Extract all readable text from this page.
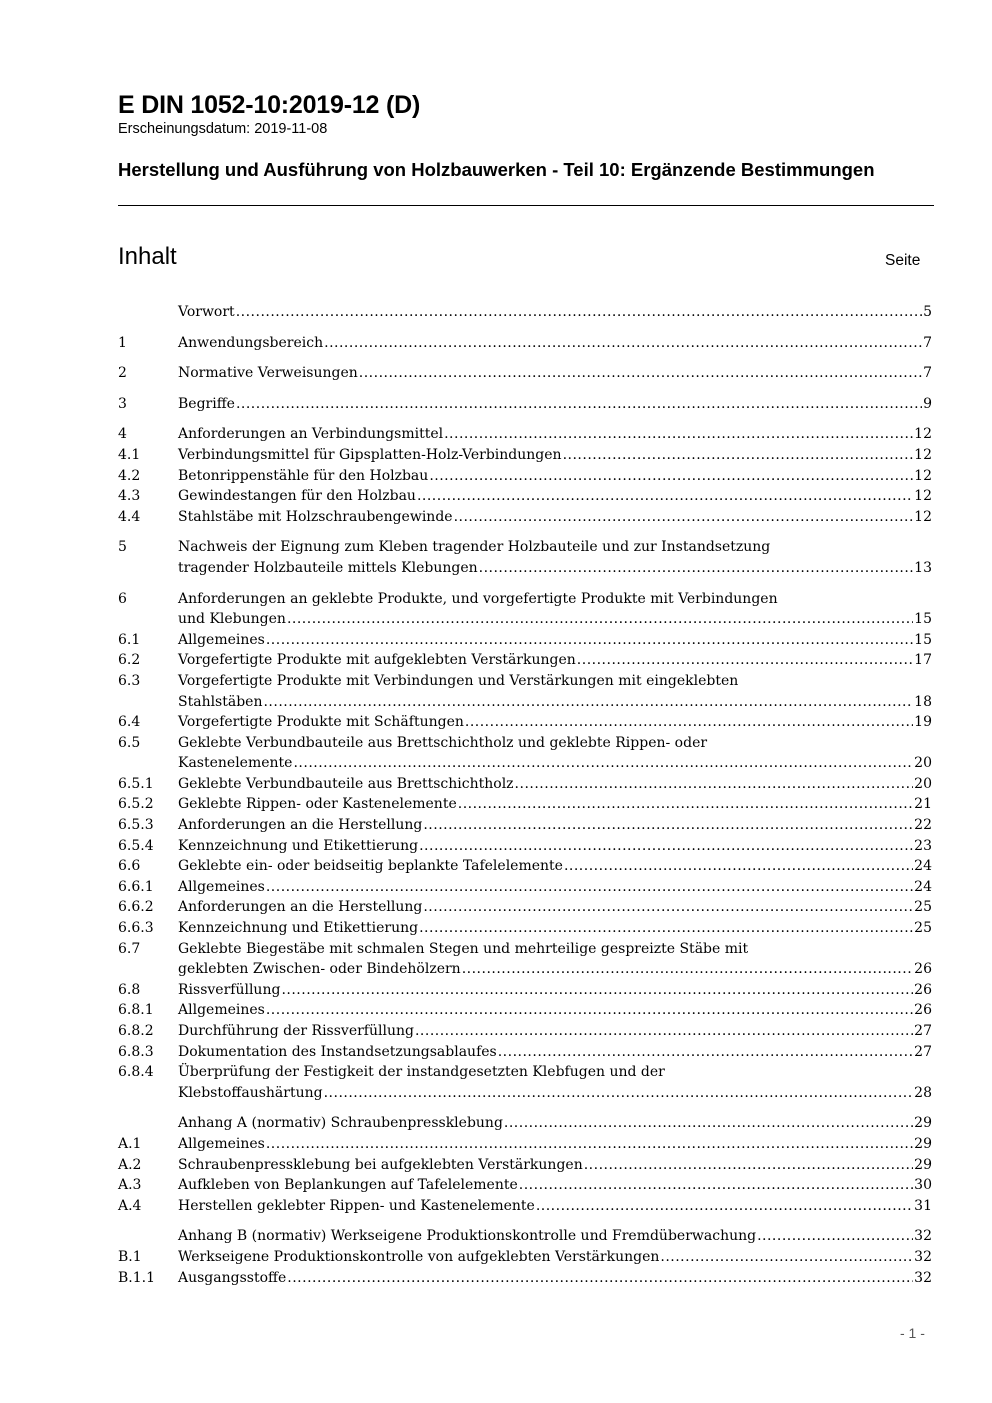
E DIN 1052-10:2019-12 (D)
Erscheinungsdatum: 2019-11-08
Herstellung und Ausführung von Holzbauwerken - Teil 10: Ergänzende Bestimmungen
Inhalt	Seite
Vorwort .....	5
1	Anwendungsbereich .....	7
2	Normative Verweisungen .....	7
3	Begriffe .....	9
4	Anforderungen an Verbindungsmittel .....	12
4.1	Verbindungsmittel für Gipsplatten-Holz-Verbindungen .....	12
4.2	Betonrippenstähle für den Holzbau .....	12
4.3	Gewindestangen für den Holzbau .....	12
4.4	Stahlstäbe mit Holzschraubengewinde .....	12
5	Nachweis der Eignung zum Kleben tragender Holzbauteile und zur Instandsetzung
tragender Holzbauteile mittels Klebungen .....	13
6	Anforderungen an geklebte Produkte, und vorgefertigte Produkte mit Verbindungen
und Klebungen .....	15
6.1	Allgemeines .....	15
6.2	Vorgefertigte Produkte mit aufgeklebten Verstärkungen .....	17
6.3	Vorgefertigte Produkte mit Verbindungen und Verstärkungen mit eingeklebten
Stahlstäben .....	18
6.4	Vorgefertigte Produkte mit Schäftungen .....	19
6.5	Geklebte Verbundbauteile aus Brettschichtholz und geklebte Rippen- oder
Kastenelemente .....	20
6.5.1	Geklebte Verbundbauteile aus Brettschichtholz .....	20
6.5.2	Geklebte Rippen- oder Kastenelemente .....	21
6.5.3	Anforderungen an die Herstellung .....	22
6.5.4	Kennzeichnung und Etikettierung .....	23
6.6	Geklebte ein- oder beidseitig beplankte Tafelelemente .....	24
6.6.1	Allgemeines .....	24
6.6.2	Anforderungen an die Herstellung .....	25
6.6.3	Kennzeichnung und Etikettierung .....	25
6.7	Geklebte Biegestäbe mit schmalen Stegen und mehrteilige gespreizte Stäbe mit
geklebten Zwischen- oder Bindehölzern .....	26
6.8	Rissverfüllung .....	26
6.8.1	Allgemeines .....	26
6.8.2	Durchführung der Rissverfüllung .....	27
6.8.3	Dokumentation des Instandsetzungsablaufes .....	27
6.8.4	Überprüfung der Festigkeit der instandgesetzten Klebfugen und der
Klebstoffaushärtung .....	28
Anhang A (normativ) Schraubenpressklebung .....	29
A.1	Allgemeines .....	29
A.2	Schraubenpressklebung bei aufgeklebten Verstärkungen .....	29
A.3	Aufkleben von Beplankungen auf Tafelelemente .....	30
A.4	Herstellen geklebter Rippen- und Kastenelemente .....	31
Anhang B (normativ) Werkseigene Produktionskontrolle und Fremdüberwachung .....	32
B.1	Werkseigene Produktionskontrolle von aufgeklebten Verstärkungen .....	32
B.1.1	Ausgangsstoffe .....	32
- 1 -
